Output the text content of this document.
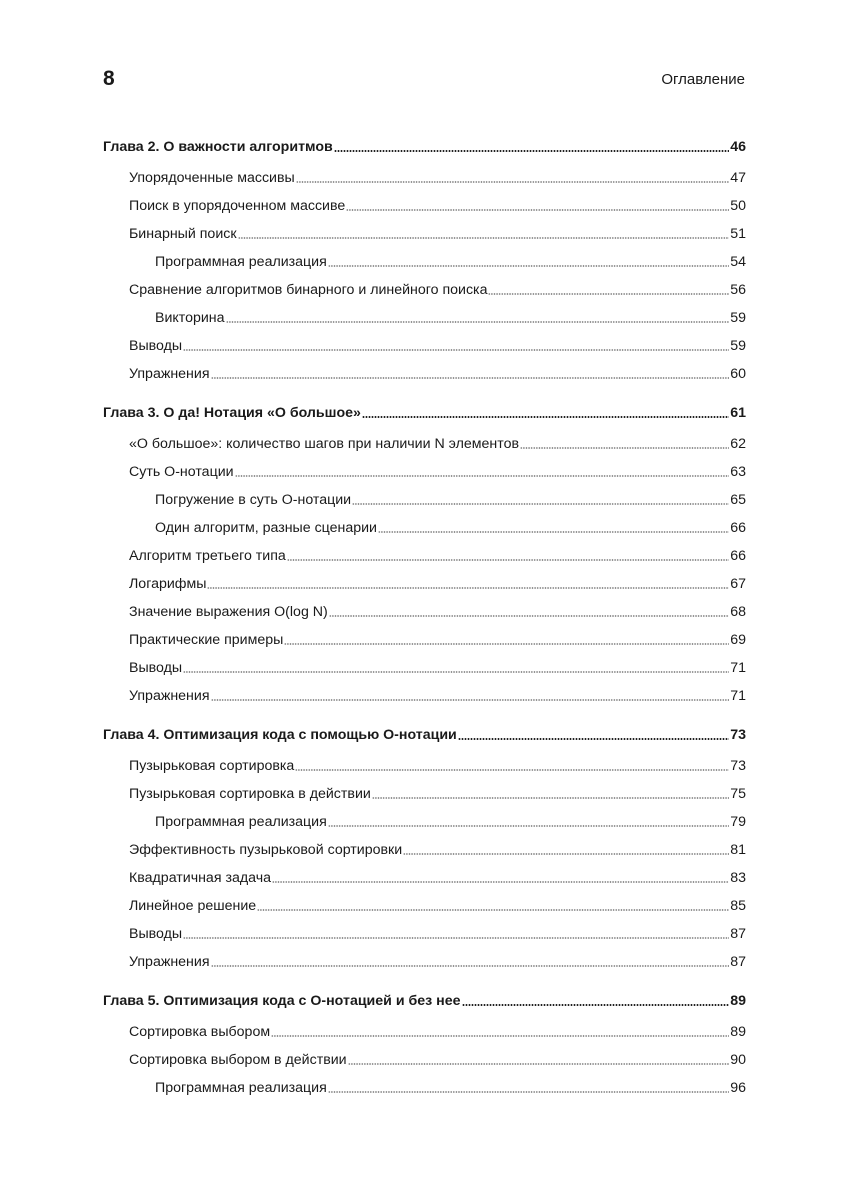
8	Оглавление
Глава 2. О важности алгоритмов	46
Упорядоченные массивы	47
Поиск в упорядоченном массиве	50
Бинарный поиск	51
Программная реализация	54
Сравнение алгоритмов бинарного и линейного поиска	56
Викторина	59
Выводы	59
Упражнения	60
Глава 3. О да! Нотация «О большое»	61
«О большое»: количество шагов при наличии N элементов	62
Суть О-нотации	63
Погружение в суть О-нотации	65
Один алгоритм, разные сценарии	66
Алгоритм третьего типа	66
Логарифмы	67
Значение выражения O(log N)	68
Практические примеры	69
Выводы	71
Упражнения	71
Глава 4. Оптимизация кода с помощью О-нотации	73
Пузырьковая сортировка	73
Пузырьковая сортировка в действии	75
Программная реализация	79
Эффективность пузырьковой сортировки	81
Квадратичная задача	83
Линейное решение	85
Выводы	87
Упражнения	87
Глава 5. Оптимизация кода с О-нотацией и без нее	89
Сортировка выбором	89
Сортировка выбором в действии	90
Программная реализация	96
